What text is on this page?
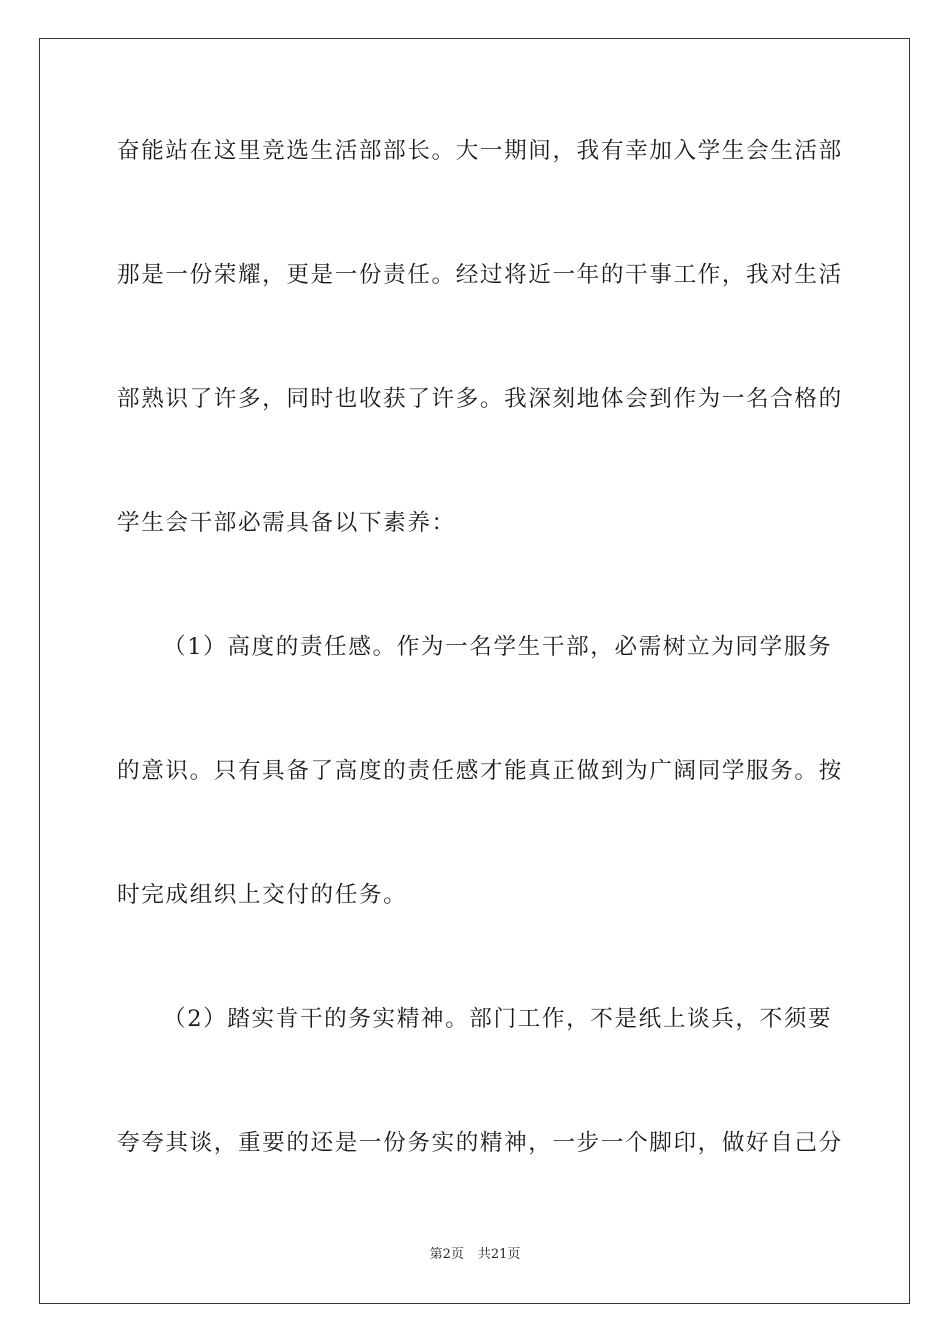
奋能站在这里竞选生活部部长。大一期间，我有幸加入学生会生活部
那是一份荣耀，更是一份责任。经过将近一年的干事工作，我对生活
部熟识了许多，同时也收获了许多。我深刻地体会到作为一名合格的
学生会干部必需具备以下素养：
（1）高度的责任感。作为一名学生干部，必需树立为同学服务
的意识。只有具备了高度的责任感才能真正做到为广阔同学服务。按
时完成组织上交付的任务。
（2）踏实肯干的务实精神。部门工作，不是纸上谈兵，不须要
夸夸其谈，重要的还是一份务实的精神，一步一个脚印，做好自己分
第2页 共21页
